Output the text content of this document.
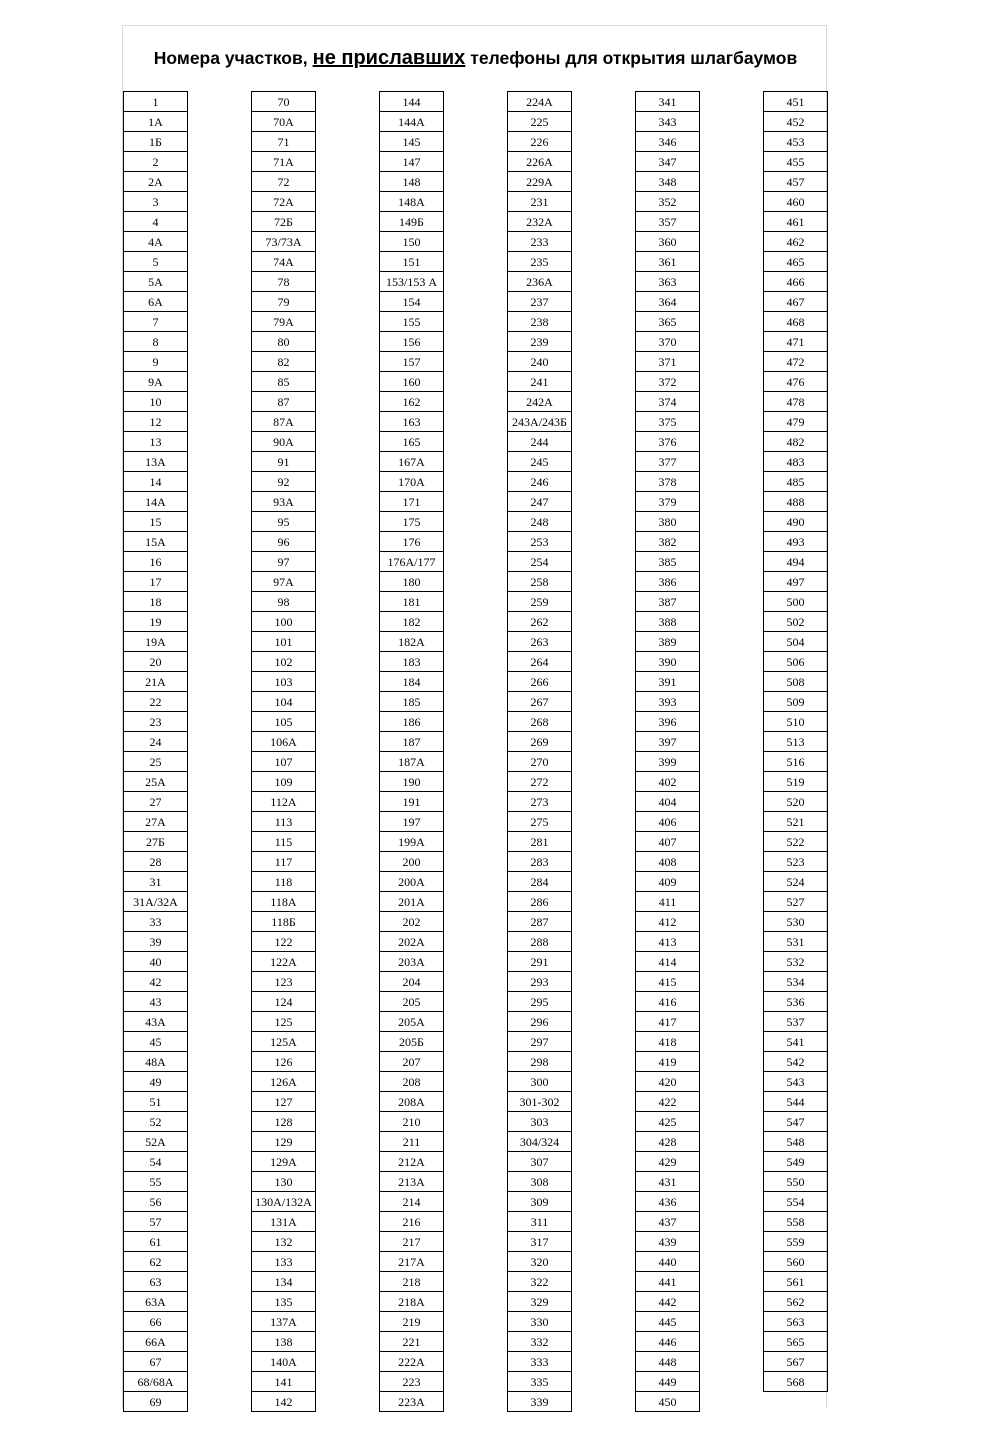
Номера участков, не приславших телефоны для открытия шлагбаумов
1
1А
1Б
2
2А
3
4
4А
5
5А
6А
7
8
9
9А
10
12
13
13А
14
14А
15
15А
16
17
18
19
19А
20
21А
22
23
24
25
25А
27
27А
27Б
28
31
31А/32А
33
39
40
42
43
43А
45
48А
49
51
52
52А
54
55
56
57
61
62
63
63А
66
66А
67
68/68А
69
70
70А
71
71А
72
72А
72Б
73/73А
74А
78
79
79А
80
82
85
87
87А
90А
91
92
93А
95
96
97
97А
98
100
101
102
103
104
105
106А
107
109
112А
113
115
117
118
118А
118Б
122
122А
123
124
125
125А
126
126А
127
128
129
129А
130
130А/132А
131А
132
133
134
135
137А
138
140А
141
142
144
144А
145
147
148
148А
149Б
150
151
153/153 А
154
155
156
157
160
162
163
165
167А
170А
171
175
176
176А/177
180
181
182
182А
183
184
185
186
187
187А
190
191
197
199А
200
200А
201А
202
202А
203А
204
205
205А
205Б
207
208
208А
210
211
212А
213А
214
216
217
217А
218
218А
219
221
222А
223
223А
224А
225
226
226А
229А
231
232А
233
235
236А
237
238
239
240
241
242А
243А/243Б
244
245
246
247
248
253
254
258
259
262
263
264
266
267
268
269
270
272
273
275
281
283
284
286
287
288
291
293
295
296
297
298
300
301-302
303
304/324
307
308
309
311
317
320
322
329
330
332
333
335
339
341
343
346
347
348
352
357
360
361
363
364
365
370
371
372
374
375
376
377
378
379
380
382
385
386
387
388
389
390
391
393
396
397
399
402
404
406
407
408
409
411
412
413
414
415
416
417
418
419
420
422
425
428
429
431
436
437
439
440
441
442
445
446
448
449
450
451
452
453
455
457
460
461
462
465
466
467
468
471
472
476
478
479
482
483
485
488
490
493
494
497
500
502
504
506
508
509
510
513
516
519
520
521
522
523
524
527
530
531
532
534
536
537
541
542
543
544
547
548
549
550
554
558
559
560
561
562
563
565
567
568
